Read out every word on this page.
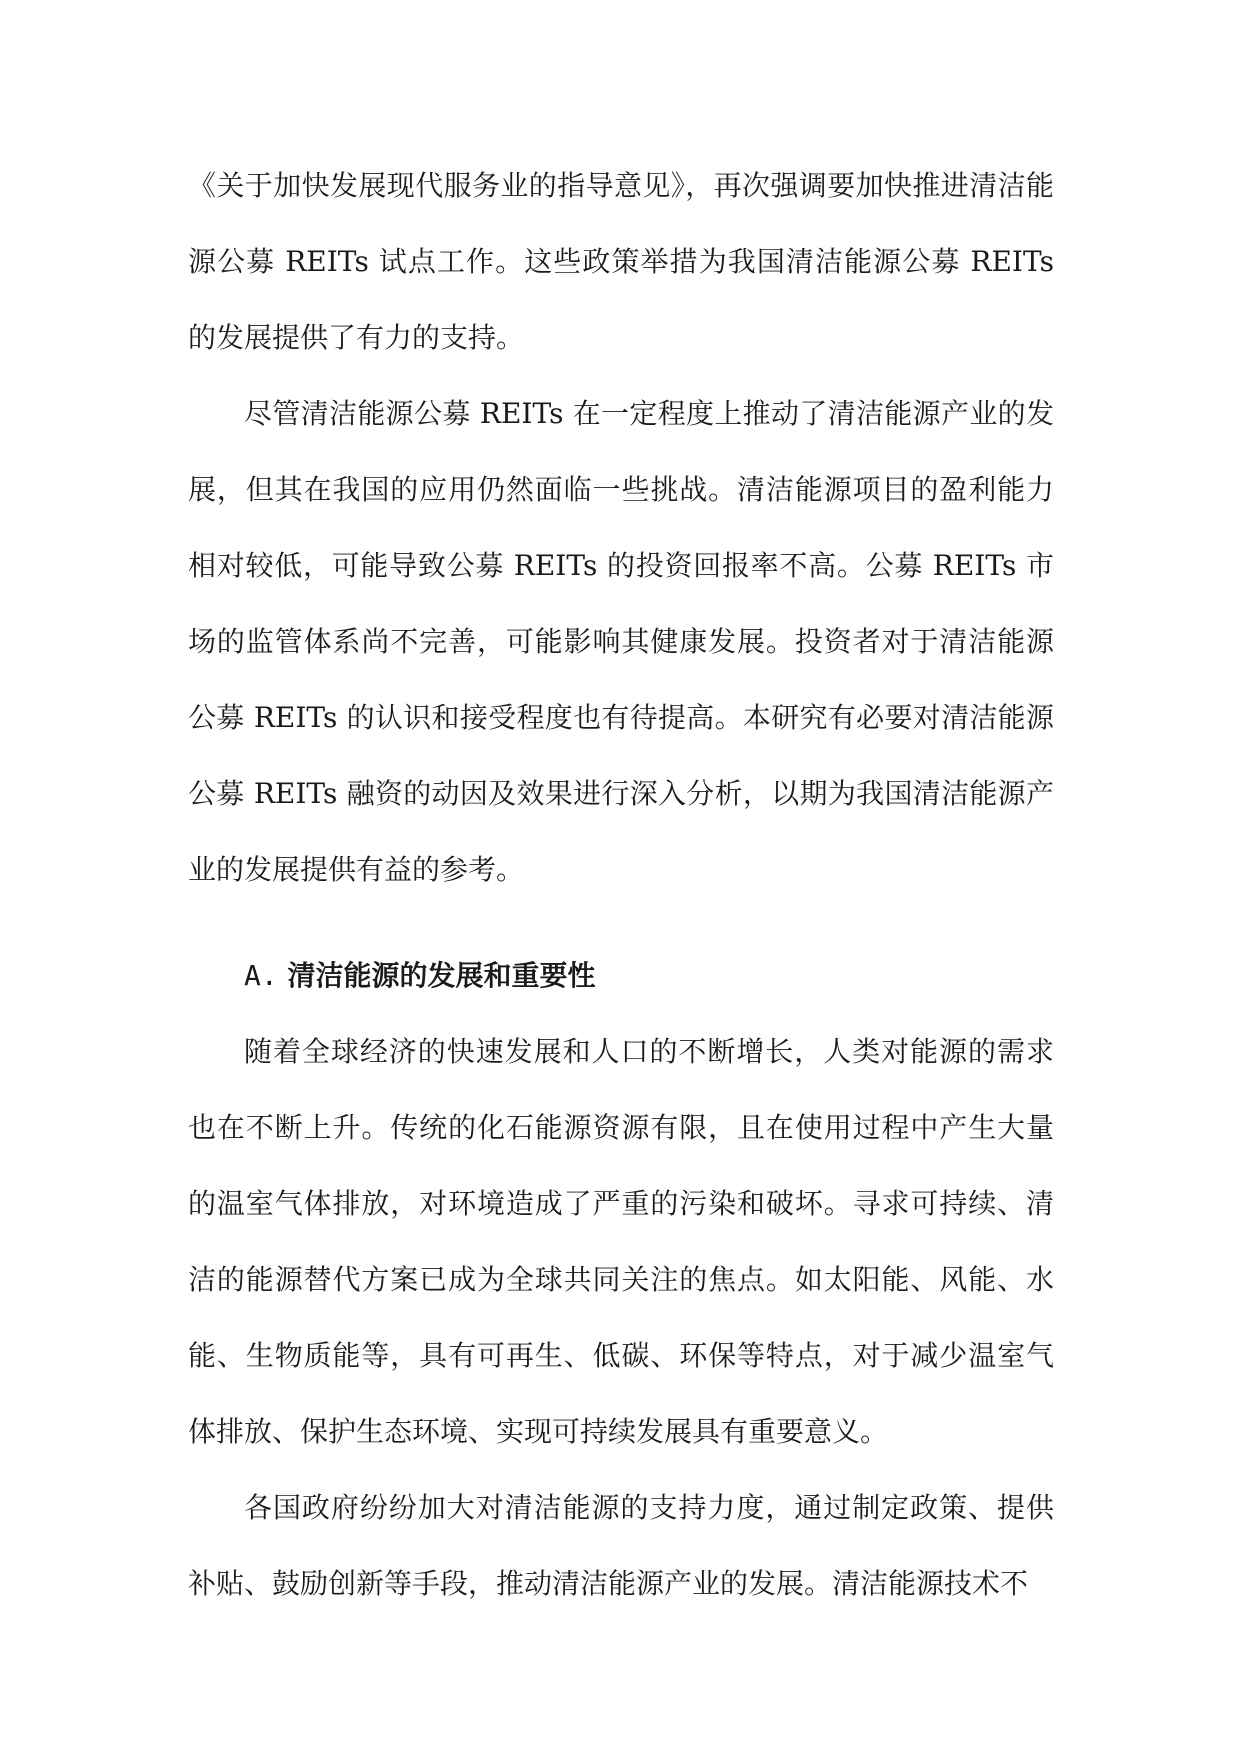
《关于加快发展现代服务业的指导意见》，再次强调要加快推进清洁能源公募 REITs 试点工作。这些政策举措为我国清洁能源公募 REITs 的发展提供了有力的支持。

尽管清洁能源公募 REITs 在一定程度上推动了清洁能源产业的发展，但其在我国的应用仍然面临一些挑战。清洁能源项目的盈利能力相对较低，可能导致公募 REITs 的投资回报率不高。公募 REITs 市场的监管体系尚不完善，可能影响其健康发展。投资者对于清洁能源公募 REITs 的认识和接受程度也有待提高。本研究有必要对清洁能源公募 REITs 融资的动因及效果进行深入分析，以期为我国清洁能源产业的发展提供有益的参考。

A. 清洁能源的发展和重要性

随着全球经济的快速发展和人口的不断增长，人类对能源的需求也在不断上升。传统的化石能源资源有限，且在使用过程中产生大量的温室气体排放，对环境造成了严重的污染和破坏。寻求可持续、清洁的能源替代方案已成为全球共同关注的焦点。如太阳能、风能、水能、生物质能等，具有可再生、低碳、环保等特点，对于减少温室气体排放、保护生态环境、实现可持续发展具有重要意义。

各国政府纷纷加大对清洁能源的支持力度，通过制定政策、提供补贴、鼓励创新等手段，推动清洁能源产业的发展。清洁能源技术不
